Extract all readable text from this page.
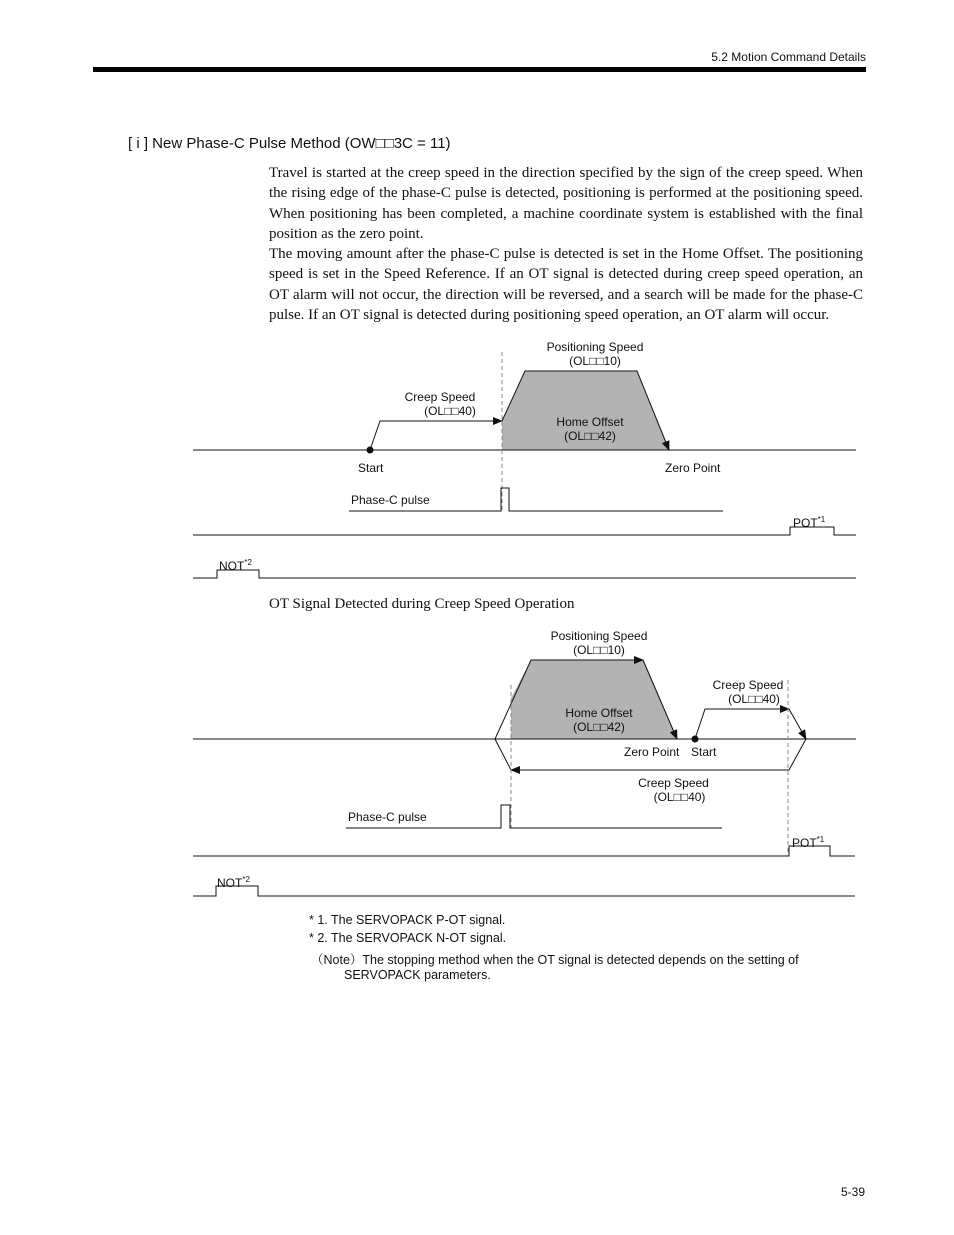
5.2 Motion Command Details
[ i ] New Phase-C Pulse Method (OW□□3C = 11)
Travel is started at the creep speed in the direction specified by the sign of the creep speed. When the rising edge of the phase-C pulse is detected, positioning is performed at the positioning speed. When positioning has been completed, a machine coordinate system is established with the final position as the zero point.
The moving amount after the phase-C pulse is detected is set in the Home Offset. The positioning speed is set in the Speed Reference. If an OT signal is detected during creep speed operation, an OT alarm will not occur, the direction will be reversed, and a search will be made for the phase-C pulse. If an OT signal is detected during positioning speed operation, an OT alarm will occur.
Positioning Speed
(OL□□10)
Creep Speed
(OL□□40)
Home Offset
(OL□□42)
Start	Zero Point
Phase-C pulse
POT$^{*1}$
NOT$^{*2}$
OT Signal Detected during Creep Speed Operation
Positioning Speed
(OL□□10)
Creep Speed
(OL□□40)
Home Offset
(OL□□42)
Zero Point Start
Creep Speed
(OL□□40)
Phase-C pulse
POT$^{*1}$
NOT$^{*2}$
* 1. The SERVOPACK P-OT signal.
* 2. The SERVOPACK N-OT signal.
（Note）The stopping method when the OT signal is detected depends on the setting of
SERVOPACK parameters.
5-39
